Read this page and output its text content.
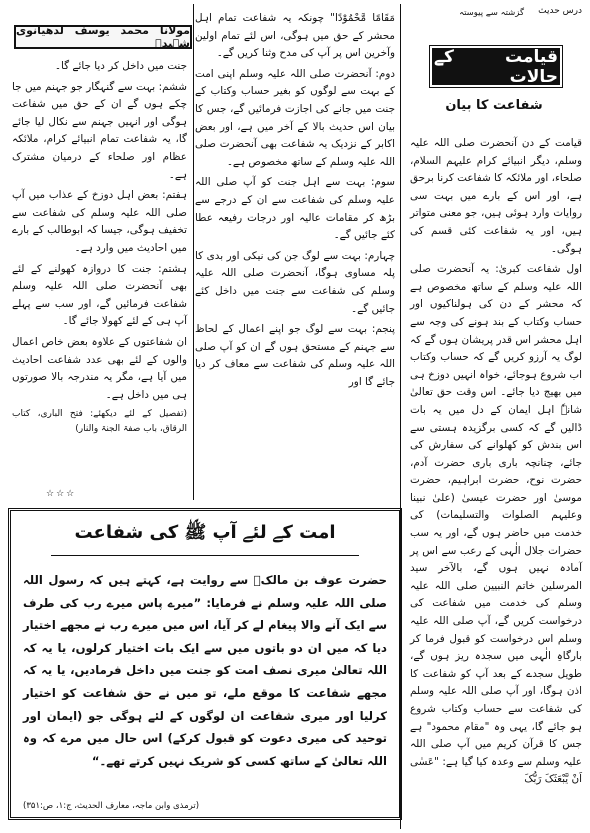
درس حدیث
گزشتہ سے پیوستہ
قیامت کے حالات
شفاعت کا بیان

قیامت کے دن آنحضرت صلی اللہ علیہ وسلم، دیگر انبیائے کرام علیہم السلام، صلحاء، اور ملائکہ کا شفاعت کرنا برحق ہے، اور اس کے بارے میں بہت سی روایات وارد ہوئی ہیں، جو معنی متواتر ہیں، اور یہ شفاعت کئی قسم کی ہوگی۔

اول شفاعت کبریٰ: یہ آنحضرت صلی اللہ علیہ وسلم کے ساتھ مخصوص ہے کہ محشر کے دن کی ہولناکیوں اور حساب وکتاب کے بند ہونے کی وجہ سے اہل محشر اس قدر پریشان ہوں گے کہ لوگ یہ آرزو کریں گے کہ حساب وکتاب اب شروع ہوجائے، خواہ انہیں دوزخ ہی میں بھیج دیا جائے۔ اس وقت حق تعالیٰ شانہٗ اہل ایمان کے دل میں یہ بات ڈالیں گے کہ کسی برگزیدہ ہستی سے اس بندش کو کھلوانے کی سفارش کی جائے، چنانچہ باری باری حضرت آدم، حضرت نوح، حضرت ابراہیم، حضرت موسیٰ اور حضرت عیسیٰ (علیٰ نبینا وعلیہم الصلوات والتسلیمات) کی خدمت میں حاضر ہوں گے، اور یہ سب حضرات جلال الٰہی کے رعب سے اس پر آمادہ نہیں ہوں گے، بالآخر سید المرسلین خاتم النبیین صلی اللہ علیہ وسلم کی خدمت میں شفاعت کی درخواست کریں گے، آپ صلی اللہ علیہ وسلم اس درخواست کو قبول فرما کر بارگاہِ الٰہی میں سجدہ ریز ہوں گے، طویل سجدے کے بعد آپ کو شفاعت کا اذن ہوگا، اور آپ صلی اللہ علیہ وسلم کی شفاعت سے حساب وکتاب شروع ہو جائے گا، یہی وہ "مقام محمود" ہے جس کا قرآن کریم میں آپ صلی اللہ علیہ وسلم سے وعدہ کیا گیا ہے: "عَسٰی اَنْ یَّبْعَثَکَ رَبُّکَ

مَقَامًا مَّحْمُوْدًا" چونکہ یہ شفاعت تمام اہل محشر کے حق میں ہوگی، اس لئے تمام اولین وآخرین اس پر آپ کی مدح وثنا کریں گے۔

دوم: آنحضرت صلی اللہ علیہ وسلم اپنی امت کے بہت سے لوگوں کو بغیر حساب وکتاب کے جنت میں جانے کی اجازت فرمائیں گے، جس کا بیان اس حدیث بالا کے آخر میں ہے، اور بعض اکابر کے نزدیک یہ شفاعت بھی آنحضرت صلی اللہ علیہ وسلم کے ساتھ مخصوص ہے۔

سوم: بہت سے اہل جنت کو آپ صلی اللہ علیہ وسلم کی شفاعت سے ان کے درجے سے بڑھ کر مقامات عالیہ اور درجات رفیعہ عطا کئے جائیں گے۔

چہارم: بہت سے لوگ جن کی نیکی اور بدی کا پلہ مساوی ہوگا، آنحضرت صلی اللہ علیہ وسلم کی شفاعت سے جنت میں داخل کئے جائیں گے۔

پنجم: بہت سے لوگ جو اپنے اعمال کے لحاظ سے جہنم کے مستحق ہوں گے ان کو آپ صلی اللہ علیہ وسلم کی شفاعت سے معاف کر دیا جائے گا اور

مولانا محمد یوسف لدھیانوی شہیدؒ

جنت میں داخل کر دیا جائے گا۔

ششم: بہت سے گنہگار جو جہنم میں جا چکے ہوں گے ان کے حق میں شفاعت ہوگی اور انہیں جہنم سے نکال لیا جائے گا، یہ شفاعت تمام انبیائے کرام، ملائکہ عظام اور صلحاء کے درمیان مشترک ہے۔

ہفتم: بعض اہل دوزخ کے عذاب میں آپ صلی اللہ علیہ وسلم کی شفاعت سے تخفیف ہوگی، جیسا کہ ابوطالب کے بارے میں احادیث میں وارد ہے۔

ہشتم: جنت کا دروازہ کھولنے کے لئے بھی آنحضرت صلی اللہ علیہ وسلم شفاعت فرمائیں گے، اور سب سے پہلے آپ ہی کے لئے کھولا جائے گا۔

ان شفاعتوں کے علاوہ بعض خاص اعمال والوں کے لئے بھی عدد شفاعت احادیث میں آیا ہے، مگر یہ مندرجہ بالا صورتوں ہی میں داخل ہے۔

(تفصیل کے لئے دیکھئے: فتح الباری، کتاب الرقاق، باب صفۃ الجنۃ والنار)

☆☆☆
امت کے لئے آپ ﷺ کی شفاعت
حضرت عوف بن مالکؓ سے روایت ہے، کہتے ہیں کہ رسول اللہ صلی اللہ علیہ وسلم نے فرمایا: ”میرے پاس میرے رب کی طرف سے ایک آنے والا پیغام لے کر آیا، اس میں میرے رب نے مجھے اختیار دیا کہ میں ان دو باتوں میں سے ایک بات اختیار کرلوں، یا یہ کہ اللہ تعالیٰ میری نصف امت کو جنت میں داخل فرمادیں، یا یہ کہ مجھے شفاعت کا موقع ملے، تو میں نے حق شفاعت کو اختیار کرلیا اور میری شفاعت ان لوگوں کے لئے ہوگی جو (ایمان اور توحید کی میری دعوت کو قبول کرکے) اس حال میں مرے کہ وہ اللہ تعالیٰ کے ساتھ کسی کو شریک نہیں کرتے تھے۔“
(ترمذی وابن ماجہ، معارف الحدیث، ج:۱، ص:۳۵۱)
